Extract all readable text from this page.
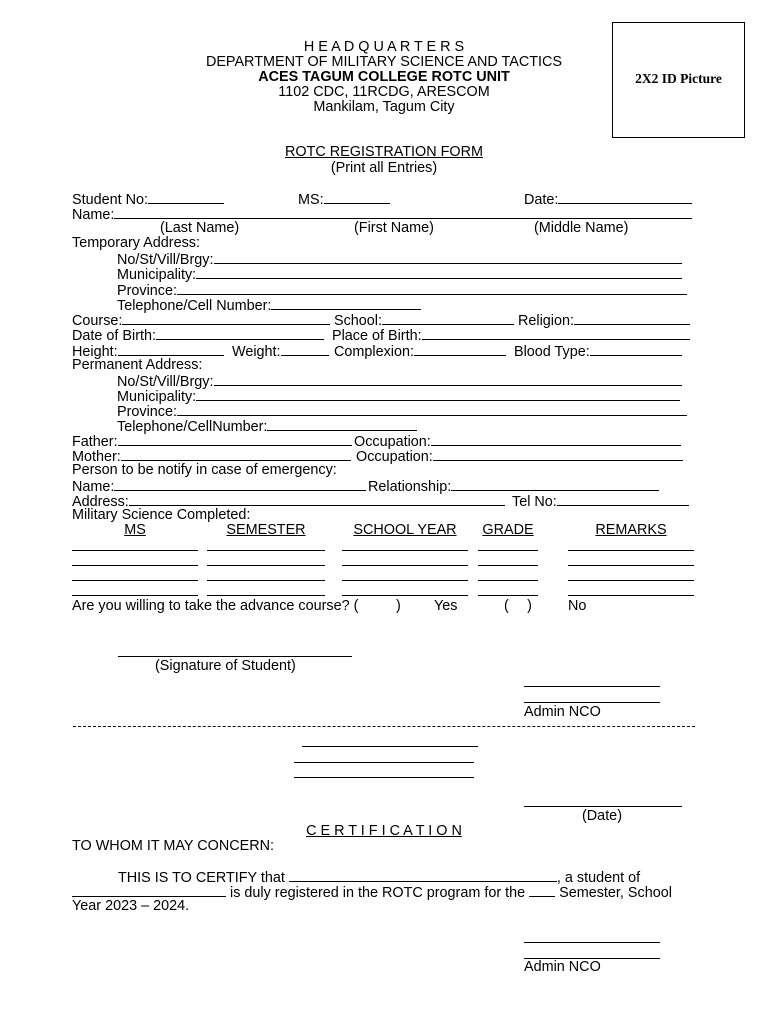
H E A D Q U A R T E R S
DEPARTMENT OF MILITARY SCIENCE AND TACTICS
ACES TAGUM COLLEGE ROTC UNIT
1102 CDC, 11RCDG, ARESCOM
Mankilam, Tagum City
2X2 ID Picture
ROTC REGISTRATION FORM
(Print all Entries)
Student No:	MS:	Date:
Name:
(Last Name)	(First Name)	(Middle Name)
Temporary Address:
No/St/Vill/Brgy:
Municipality:
Province:
Telephone/Cell Number:
Course:	School:	Religion:
Date of Birth:	Place of Birth:
Height:	Weight:	Complexion:	Blood Type:
Permanent Address:
No/St/Vill/Brgy:
Municipality:
Province:
Telephone/CellNumber:
Father:	Occupation:
Mother:	Occupation:
Person to be notify in case of emergency:
Name:	Relationship:
Address:	Tel No:
Military Science Completed:
MS	SEMESTER	SCHOOL YEAR	GRADE	REMARKS
Are you willing to take the advance course? (	) Yes	(  )	No
(Signature of Student)
Admin NCO
(Date)
C E R T I F I C A T I O N
TO WHOM IT MAY CONCERN:
THIS IS TO CERTIFY that	, a student of
is duly registered in the ROTC program for the Semester, School
Year 2023 – 2024.
Admin NCO
